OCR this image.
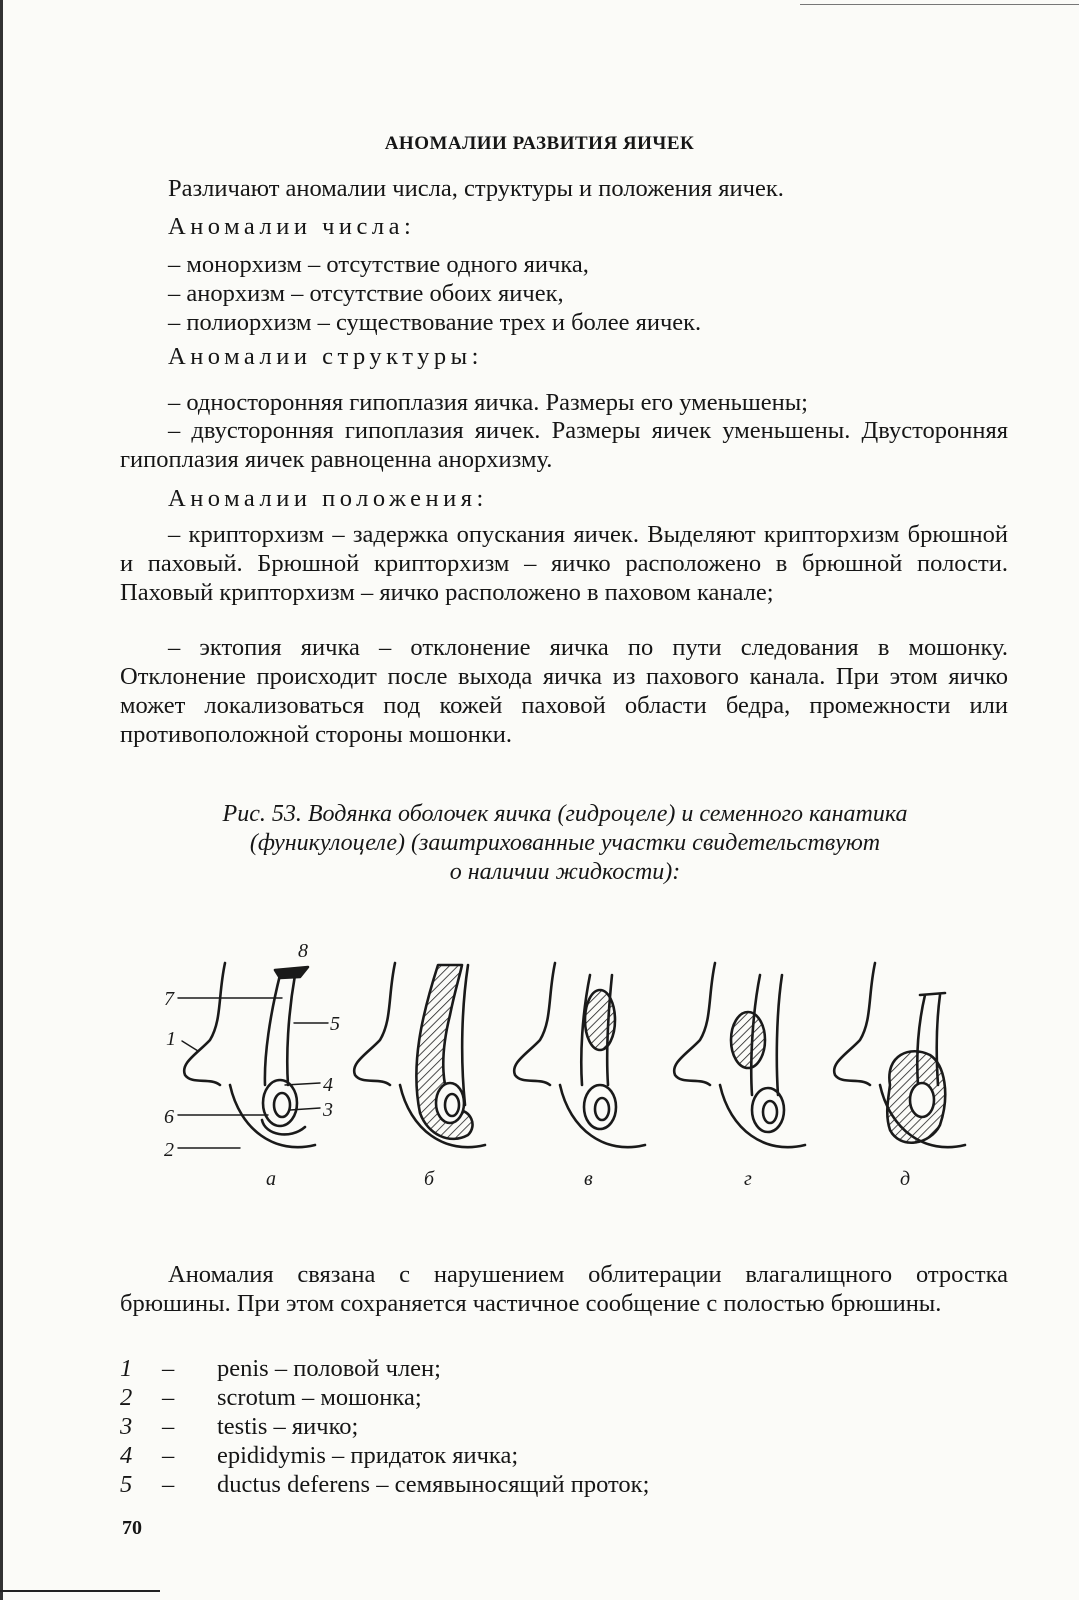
АНОМАЛИИ РАЗВИТИЯ ЯИЧЕК
Различают аномалии числа, структуры и положения яичек.
Аномалии числа:
– монорхизм – отсутствие одного яичка,
– анорхизм – отсутствие обоих яичек,
– полиорхизм – существование трех и более яичек.
Аномалии структуры:
– односторонняя гипоплазия яичка. Размеры его уменьшены;
– двусторонняя гипоплазия яичек. Размеры яичек уменьшены. Двусторонняя гипоплазия яичек равноценна анорхизму.
Аномалии положения:
– крипторхизм – задержка опускания яичек. Выделяют крипторхизм брюшной и паховый. Брюшной крипторхизм – яичко расположено в брюшной полости. Паховый крипторхизм – яичко расположено в паховом канале;
– эктопия яичка – отклонение яичка по пути следования в мошонку. Отклонение происходит после выхода яичка из пахового канала. При этом яичко может локализоваться под кожей паховой области бедра, промежности или противоположной стороны мошонки.
Рис. 53. Водянка оболочек яичка (гидроцеле) и семенного канатика
(фуникулоцеле) (заштрихованные участки свидетельствуют
о наличии жидкости):
1
2
3
4
5
6
7
8
а	б	в	г	д
Аномалия связана с нарушением облитерации влагалищного отростка брюшины. При этом сохраняется частичное сообщение с полостью брюшины.
1	–	penis – половой член;
2	–	scrotum – мошонка;
3	–	testis – яичко;
4	–	epididymis – придаток яичка;
5	–	ductus deferens – семявыносящий проток;
70
